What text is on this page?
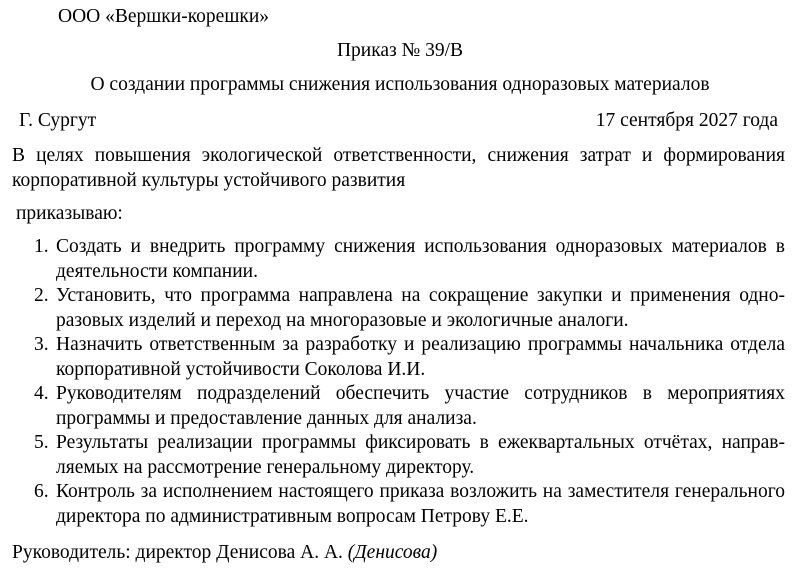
ООО «Вершки-корешки»
Приказ № 39/В
О создании программы снижения использования одноразовых материалов
Г. Сургут	17 сентября 2027 года
В целях повышения экологической ответственности, снижения затрат и формирования корпоративной культуры устойчивого развития
приказываю:
1. Создать и внедрить программу снижения использования одноразовых материалов в деятельности компании.
2. Установить, что программа направлена на сокращение закупки и применения одноразовых изделий и переход на многоразовые и экологичные аналоги.
3. Назначить ответственным за разработку и реализацию программы начальника отдела корпоративной устойчивости Соколова И.И.
4. Руководителям подразделений обеспечить участие сотрудников в мероприятиях программы и предоставление данных для анализа.
5. Результаты реализации программы фиксировать в ежеквартальных отчётах, направляемых на рассмотрение генеральному директору.
6. Контроль за исполнением настоящего приказа возложить на заместителя генерального директора по административным вопросам Петрову Е.Е.
Руководитель: директор Денисова А. А. (Денисова)
